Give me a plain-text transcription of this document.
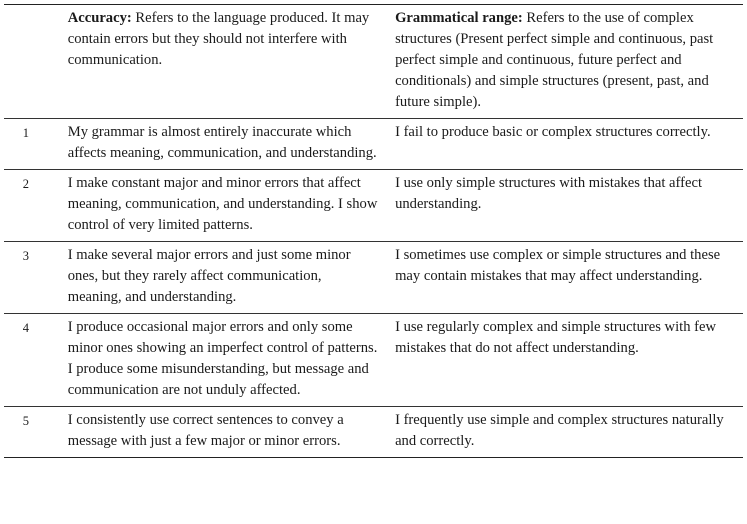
	Accuracy: Refers to the language produced. It may contain errors but they should not interfere with communication.	Grammatical range: Refers to the use of complex structures (Present perfect simple and continuous, past perfect simple and continuous, future perfect and conditionals) and simple structures (present, past, and future simple).
1	My grammar is almost entirely inaccurate which affects meaning, communication, and understanding.	I fail to produce basic or complex structures correctly.
2	I make constant major and minor errors that affect meaning, communication, and understanding. I show control of very limited patterns.	I use only simple structures with mistakes that affect understanding.
3	I make several major errors and just some minor ones, but they rarely affect communication, meaning, and understanding.	I sometimes use complex or simple structures and these may contain mistakes that may affect understanding.
4	I produce occasional major errors and only some minor ones showing an imperfect control of patterns. I produce some misunderstanding, but message and communication are not unduly affected.	I use regularly complex and simple structures with few mistakes that do not affect understanding.
5	I consistently use correct sentences to convey a message with just a few major or minor errors.	I frequently use simple and complex structures naturally and correctly.
